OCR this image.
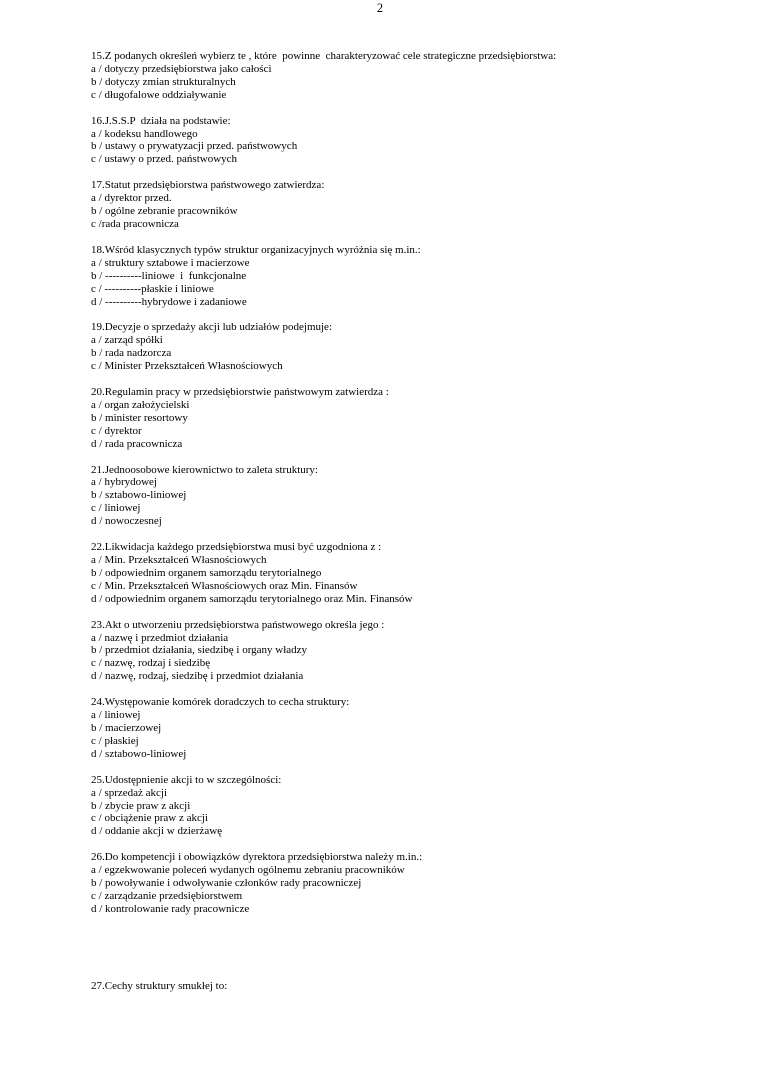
2
15.Z podanych określeń wybierz te , które  powinne  charakteryzować cele strategiczne przedsiębiorstwa:
a / dotyczy przedsiębiorstwa jako całości
b / dotyczy zmian strukturalnych
c / długofalowe oddziaływanie
16.J.S.S.P  działa na podstawie:
a / kodeksu handlowego
b / ustawy o prywatyzacji przed. państwowych
c / ustawy o przed. państwowych
17.Statut przedsiębiorstwa państwowego zatwierdza:
a / dyrektor przed.
b / ogólne zebranie pracowników
c /rada pracownicza
18.Wśród klasycznych typów struktur organizacyjnych wyróżnia się m.in.:
a / struktury sztabowe i macierzowe
b / ----------liniowe  i  funkcjonalne
c / ----------płaskie i liniowe
d / ----------hybrydowe i zadaniowe
19.Decyzje o sprzedaży akcji lub udziałów podejmuje:
a / zarząd spółki
b / rada nadzorcza
c / Minister Przekształceń Własnościowych
20.Regulamin pracy w przedsiębiorstwie państwowym zatwierdza :
a / organ założycielski
b / minister resortowy
c / dyrektor
d / rada pracownicza
21.Jednoosobowe kierownictwo to zaleta struktury:
a / hybrydowej
b / sztabowo-liniowej
c / liniowej
d / nowoczesnej
22.Likwidacja każdego przedsiębiorstwa musi być uzgodniona z :
a / Min. Przekształceń Własnościowych
b / odpowiednim organem samorządu terytorialnego
c / Min. Przekształceń Własnościowych oraz Min. Finansów
d / odpowiednim organem samorządu terytorialnego oraz Min. Finansów
23.Akt o utworzeniu przedsiębiorstwa państwowego określa jego :
a / nazwę i przedmiot działania
b / przedmiot działania, siedzibę i organy władzy
c / nazwę, rodzaj i siedzibę
d / nazwę, rodzaj, siedzibę i przedmiot działania
24.Występowanie komórek doradczych to cecha struktury:
a / liniowej
b / macierzowej
c / płaskiej
d / sztabowo-liniowej
25.Udostępnienie akcji to w szczególności:
a / sprzedaż akcji
b / zbycie praw z akcji
c / obciążenie praw z akcji
d / oddanie akcji w dzierżawę
26.Do kompetencji i obowiązków dyrektora przedsiębiorstwa należy m.in.:
a / egzekwowanie poleceń wydanych ogólnemu zebraniu pracowników
b / powoływanie i odwoływanie członków rady pracowniczej
c / zarządzanie przedsiębiorstwem
d / kontrolowanie rady pracownicze
27.Cechy struktury smukłej to:
